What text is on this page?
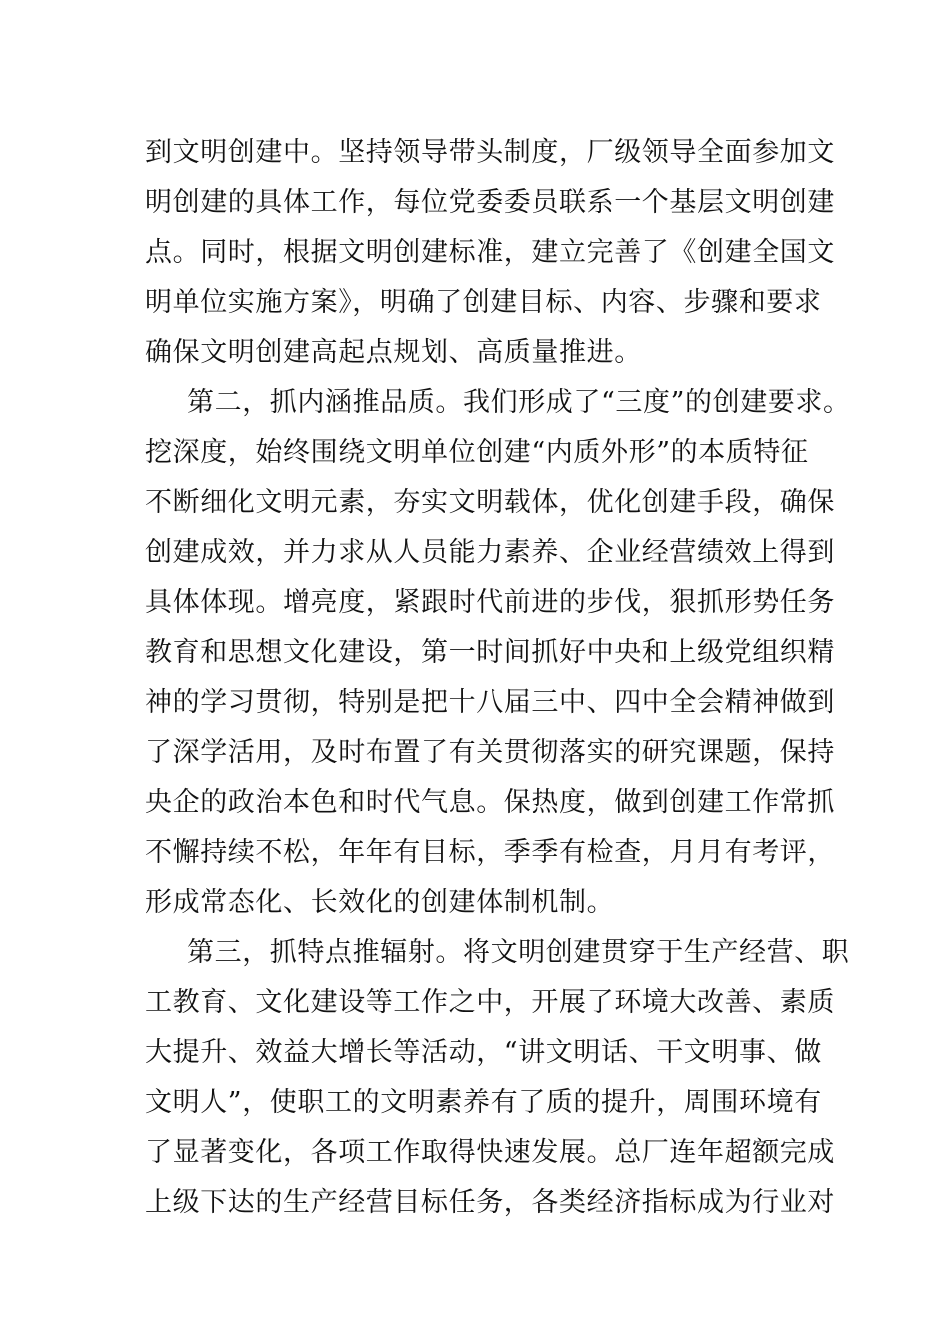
到文明创建中。坚持领导带头制度，厂级领导全面参加文
明创建的具体工作，每位党委委员联系一个基层文明创建
点。同时，根据文明创建标准，建立完善了《创建全国文
明单位实施方案》，明确了创建目标、内容、步骤和要求
确保文明创建高起点规划、高质量推进。
第二，抓内涵推品质。我们形成了“三度”的创建要求。
挖深度，始终围绕文明单位创建“内质外形”的本质特征
不断细化文明元素，夯实文明载体，优化创建手段，确保
创建成效，并力求从人员能力素养、企业经营绩效上得到
具体体现。增亮度，紧跟时代前进的步伐，狠抓形势任务
教育和思想文化建设，第一时间抓好中央和上级党组织精
神的学习贯彻，特别是把十八届三中、四中全会精神做到
了深学活用，及时布置了有关贯彻落实的研究课题，保持
央企的政治本色和时代气息。保热度，做到创建工作常抓
不懈持续不松，年年有目标，季季有检查，月月有考评，
形成常态化、长效化的创建体制机制。
第三，抓特点推辐射。将文明创建贯穿于生产经营、职
工教育、文化建设等工作之中，开展了环境大改善、素质
大提升、效益大增长等活动，“讲文明话、干文明事、做
文明人”，使职工的文明素养有了质的提升，周围环境有
了显著变化，各项工作取得快速发展。总厂连年超额完成
上级下达的生产经营目标任务，各类经济指标成为行业对
